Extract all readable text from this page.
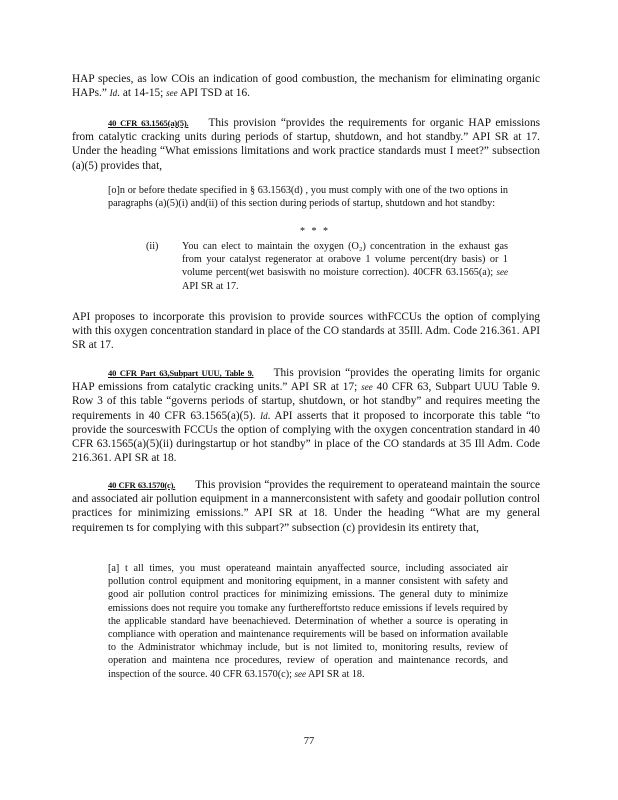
HAP species, as low COis an indication of good combustion, the mechanism for eliminating organic HAPs.” Id. at 14-15; see API TSD at 16.

40 CFR 63.1565(a)(5). This provision “provides the requirements for organic HAP emissions from catalytic cracking units during periods of startup, shutdown, and hot standby.” API SR at 17. Under the heading “What emissions limitations and work practice standards must I meet?” subsection (a)(5) provides that,

[o]n or before thedate specified in § 63.1563(d) , you must comply with one of the two options in paragraphs (a)(5)(i) and(ii) of this section during periods of startup, shutdown and hot standby:

* * *
(ii) You can elect to maintain the oxygen (O₂) concentration in the exhaust gas from your catalyst regenerator at orabove 1 volume percent(dry basis) or 1 volume percent(wet basiswith no moisture correction). 40CFR 63.1565(a); see API SR at 17.

API proposes to incorporate this provision to provide sources withFCCUs the option of complying with this oxygen concentration standard in place of the CO standards at 35Ill. Adm. Code 216.361. API SR at 17.

40 CFR Part 63,Subpart UUU, Table 9. This provision “provides the operating limits for organic HAP emissions from catalytic cracking units.” API SR at 17; see 40 CFR 63, Subpart UUU Table 9. Row 3 of this table “governs periods of startup, shutdown, or hot standby” and requires meeting the requirements in 40 CFR 63.1565(a)(5). Id. API asserts that it proposed to incorporate this table “to provide the sourceswith FCCUs the option of complying with the oxygen concentration standard in 40 CFR 63.1565(a)(5)(ii) duringstartup or hot standby” in place of the CO standards at 35 Ill Adm. Code 216.361. API SR at 18.

40 CFR 63.1570(c). This provision “provides the requirement to operateand maintain the source and associated air pollution equipment in a mannerconsistent with safety and goodair pollution control practices for minimizing emissions.” API SR at 18. Under the heading “What are my general requiremen ts for complying with this subpart?” subsection (c) providesin its entirety that,

[a] t all times, you must operateand maintain anyaffected source, including associated air pollution control equipment and monitoring equipment, in a manner consistent with safety and good air pollution control practices for minimizing emissions. The general duty to minimize emissions does not require you tomake any furthereffortsto reduce emissions if levels required by the applicable standard have beenachieved. Determination of whether a source is operating in compliance with operation and maintenance requirements will be based on information available to the Administrator whichmay include, but is not limited to, monitoring results, review of operation and maintena nce procedures, review of operation and maintenance records, and inspection of the source. 40 CFR 63.1570(c); see API SR at 18.

77
